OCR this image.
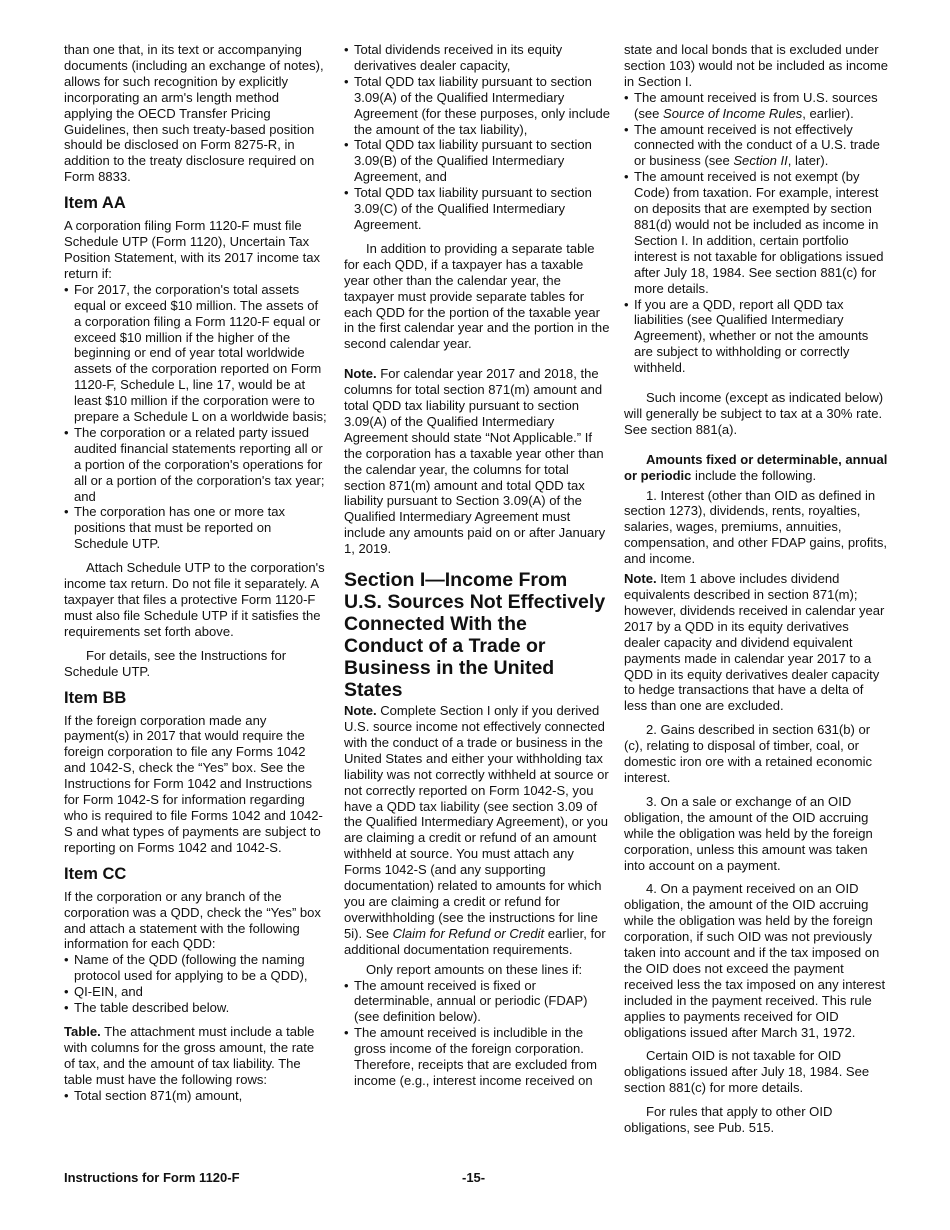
than one that, in its text or accompanying documents (including an exchange of notes), allows for such recognition by explicitly incorporating an arm's length method applying the OECD Transfer Pricing Guidelines, then such treaty-based position should be disclosed on Form 8275-R, in addition to the treaty disclosure required on Form 8833.

Item AA

A corporation filing Form 1120-F must file Schedule UTP (Form 1120), Uncertain Tax Position Statement, with its 2017 income tax return if:

• For 2017, the corporation's total assets equal or exceed $10 million. The assets of a corporation filing a Form 1120-F equal or exceed $10 million if the higher of the beginning or end of year total worldwide assets of the corporation reported on Form 1120-F, Schedule L, line 17, would be at least $10 million if the corporation were to prepare a Schedule L on a worldwide basis;
• The corporation or a related party issued audited financial statements reporting all or a portion of the corporation's operations for all or a portion of the corporation's tax year; and
• The corporation has one or more tax positions that must be reported on Schedule UTP.

Attach Schedule UTP to the corporation's income tax return. Do not file it separately. A taxpayer that files a protective Form 1120-F must also file Schedule UTP if it satisfies the requirements set forth above.

For details, see the Instructions for Schedule UTP.

Item BB

If the foreign corporation made any payment(s) in 2017 that would require the foreign corporation to file any Forms 1042 and 1042-S, check the “Yes” box. See the Instructions for Form 1042 and Instructions for Form 1042-S for information regarding who is required to file Forms 1042 and 1042-S and what types of payments are subject to reporting on Forms 1042 and 1042-S.

Item CC

If the corporation or any branch of the corporation was a QDD, check the “Yes” box and attach a statement with the following information for each QDD:

• Name of the QDD (following the naming protocol used for applying to be a QDD),
• QI-EIN, and
• The table described below.

Table. The attachment must include a table with columns for the gross amount, the rate of tax, and the amount of tax liability. The table must have the following rows:

• Total section 871(m) amount,
• Total dividends received in its equity derivatives dealer capacity,
• Total QDD tax liability pursuant to section 3.09(A) of the Qualified Intermediary Agreement (for these purposes, only include the amount of the tax liability),
• Total QDD tax liability pursuant to section 3.09(B) of the Qualified Intermediary Agreement, and
• Total QDD tax liability pursuant to section 3.09(C) of the Qualified Intermediary Agreement.

In addition to providing a separate table for each QDD, if a taxpayer has a taxable year other than the calendar year, the taxpayer must provide separate tables for each QDD for the portion of the taxable year in the first calendar year and the portion in the second calendar year.

Note. For calendar year 2017 and 2018, the columns for total section 871(m) amount and total QDD tax liability pursuant to section 3.09(A) of the Qualified Intermediary Agreement should state “Not Applicable.” If the corporation has a taxable year other than the calendar year, the columns for total section 871(m) amount and total QDD tax liability pursuant to Section 3.09(A) of the Qualified Intermediary Agreement must include any amounts paid on or after January 1, 2019.

Section I—Income From U.S. Sources Not Effectively Connected With the Conduct of a Trade or Business in the United States

Note. Complete Section I only if you derived U.S. source income not effectively connected with the conduct of a trade or business in the United States and either your withholding tax liability was not correctly withheld at source or not correctly reported on Form 1042-S, you have a QDD tax liability (see section 3.09 of the Qualified Intermediary Agreement), or you are claiming a credit or refund of an amount withheld at source. You must attach any Forms 1042-S (and any supporting documentation) related to amounts for which you are claiming a credit or refund for overwithholding (see the instructions for line 5i). See Claim for Refund or Credit earlier, for additional documentation requirements.

Only report amounts on these lines if:

• The amount received is fixed or determinable, annual or periodic (FDAP) (see definition below).
• The amount received is includible in the gross income of the foreign corporation. Therefore, receipts that are excluded from income (e.g., interest income received on

state and local bonds that is excluded under section 103) would not be included as income in Section I.

• The amount received is from U.S. sources (see Source of Income Rules, earlier).
• The amount received is not effectively connected with the conduct of a U.S. trade or business (see Section II, later).
• The amount received is not exempt (by Code) from taxation. For example, interest on deposits that are exempted by section 881(d) would not be included as income in Section I. In addition, certain portfolio interest is not taxable for obligations issued after July 18, 1984. See section 881(c) for more details.
• If you are a QDD, report all QDD tax liabilities (see Qualified Intermediary Agreement), whether or not the amounts are subject to withholding or correctly withheld.

Such income (except as indicated below) will generally be subject to tax at a 30% rate. See section 881(a).

Amounts fixed or determinable, annual or periodic include the following.

1. Interest (other than OID as defined in section 1273), dividends, rents, royalties, salaries, wages, premiums, annuities, compensation, and other FDAP gains, profits, and income.

Note. Item 1 above includes dividend equivalents described in section 871(m); however, dividends received in calendar year 2017 by a QDD in its equity derivatives dealer capacity and dividend equivalent payments made in calendar year 2017 to a QDD in its equity derivatives dealer capacity to hedge transactions that have a delta of less than one are excluded.

2. Gains described in section 631(b) or (c), relating to disposal of timber, coal, or domestic iron ore with a retained economic interest.

3. On a sale or exchange of an OID obligation, the amount of the OID accruing while the obligation was held by the foreign corporation, unless this amount was taken into account on a payment.

4. On a payment received on an OID obligation, the amount of the OID accruing while the obligation was held by the foreign corporation, if such OID was not previously taken into account and if the tax imposed on the OID does not exceed the payment received less the tax imposed on any interest included in the payment received. This rule applies to payments received for OID obligations issued after March 31, 1972.

Certain OID is not taxable for OID obligations issued after July 18, 1984. See section 881(c) for more details.

For rules that apply to other OID obligations, see Pub. 515.

Instructions for Form 1120-F	-15-
